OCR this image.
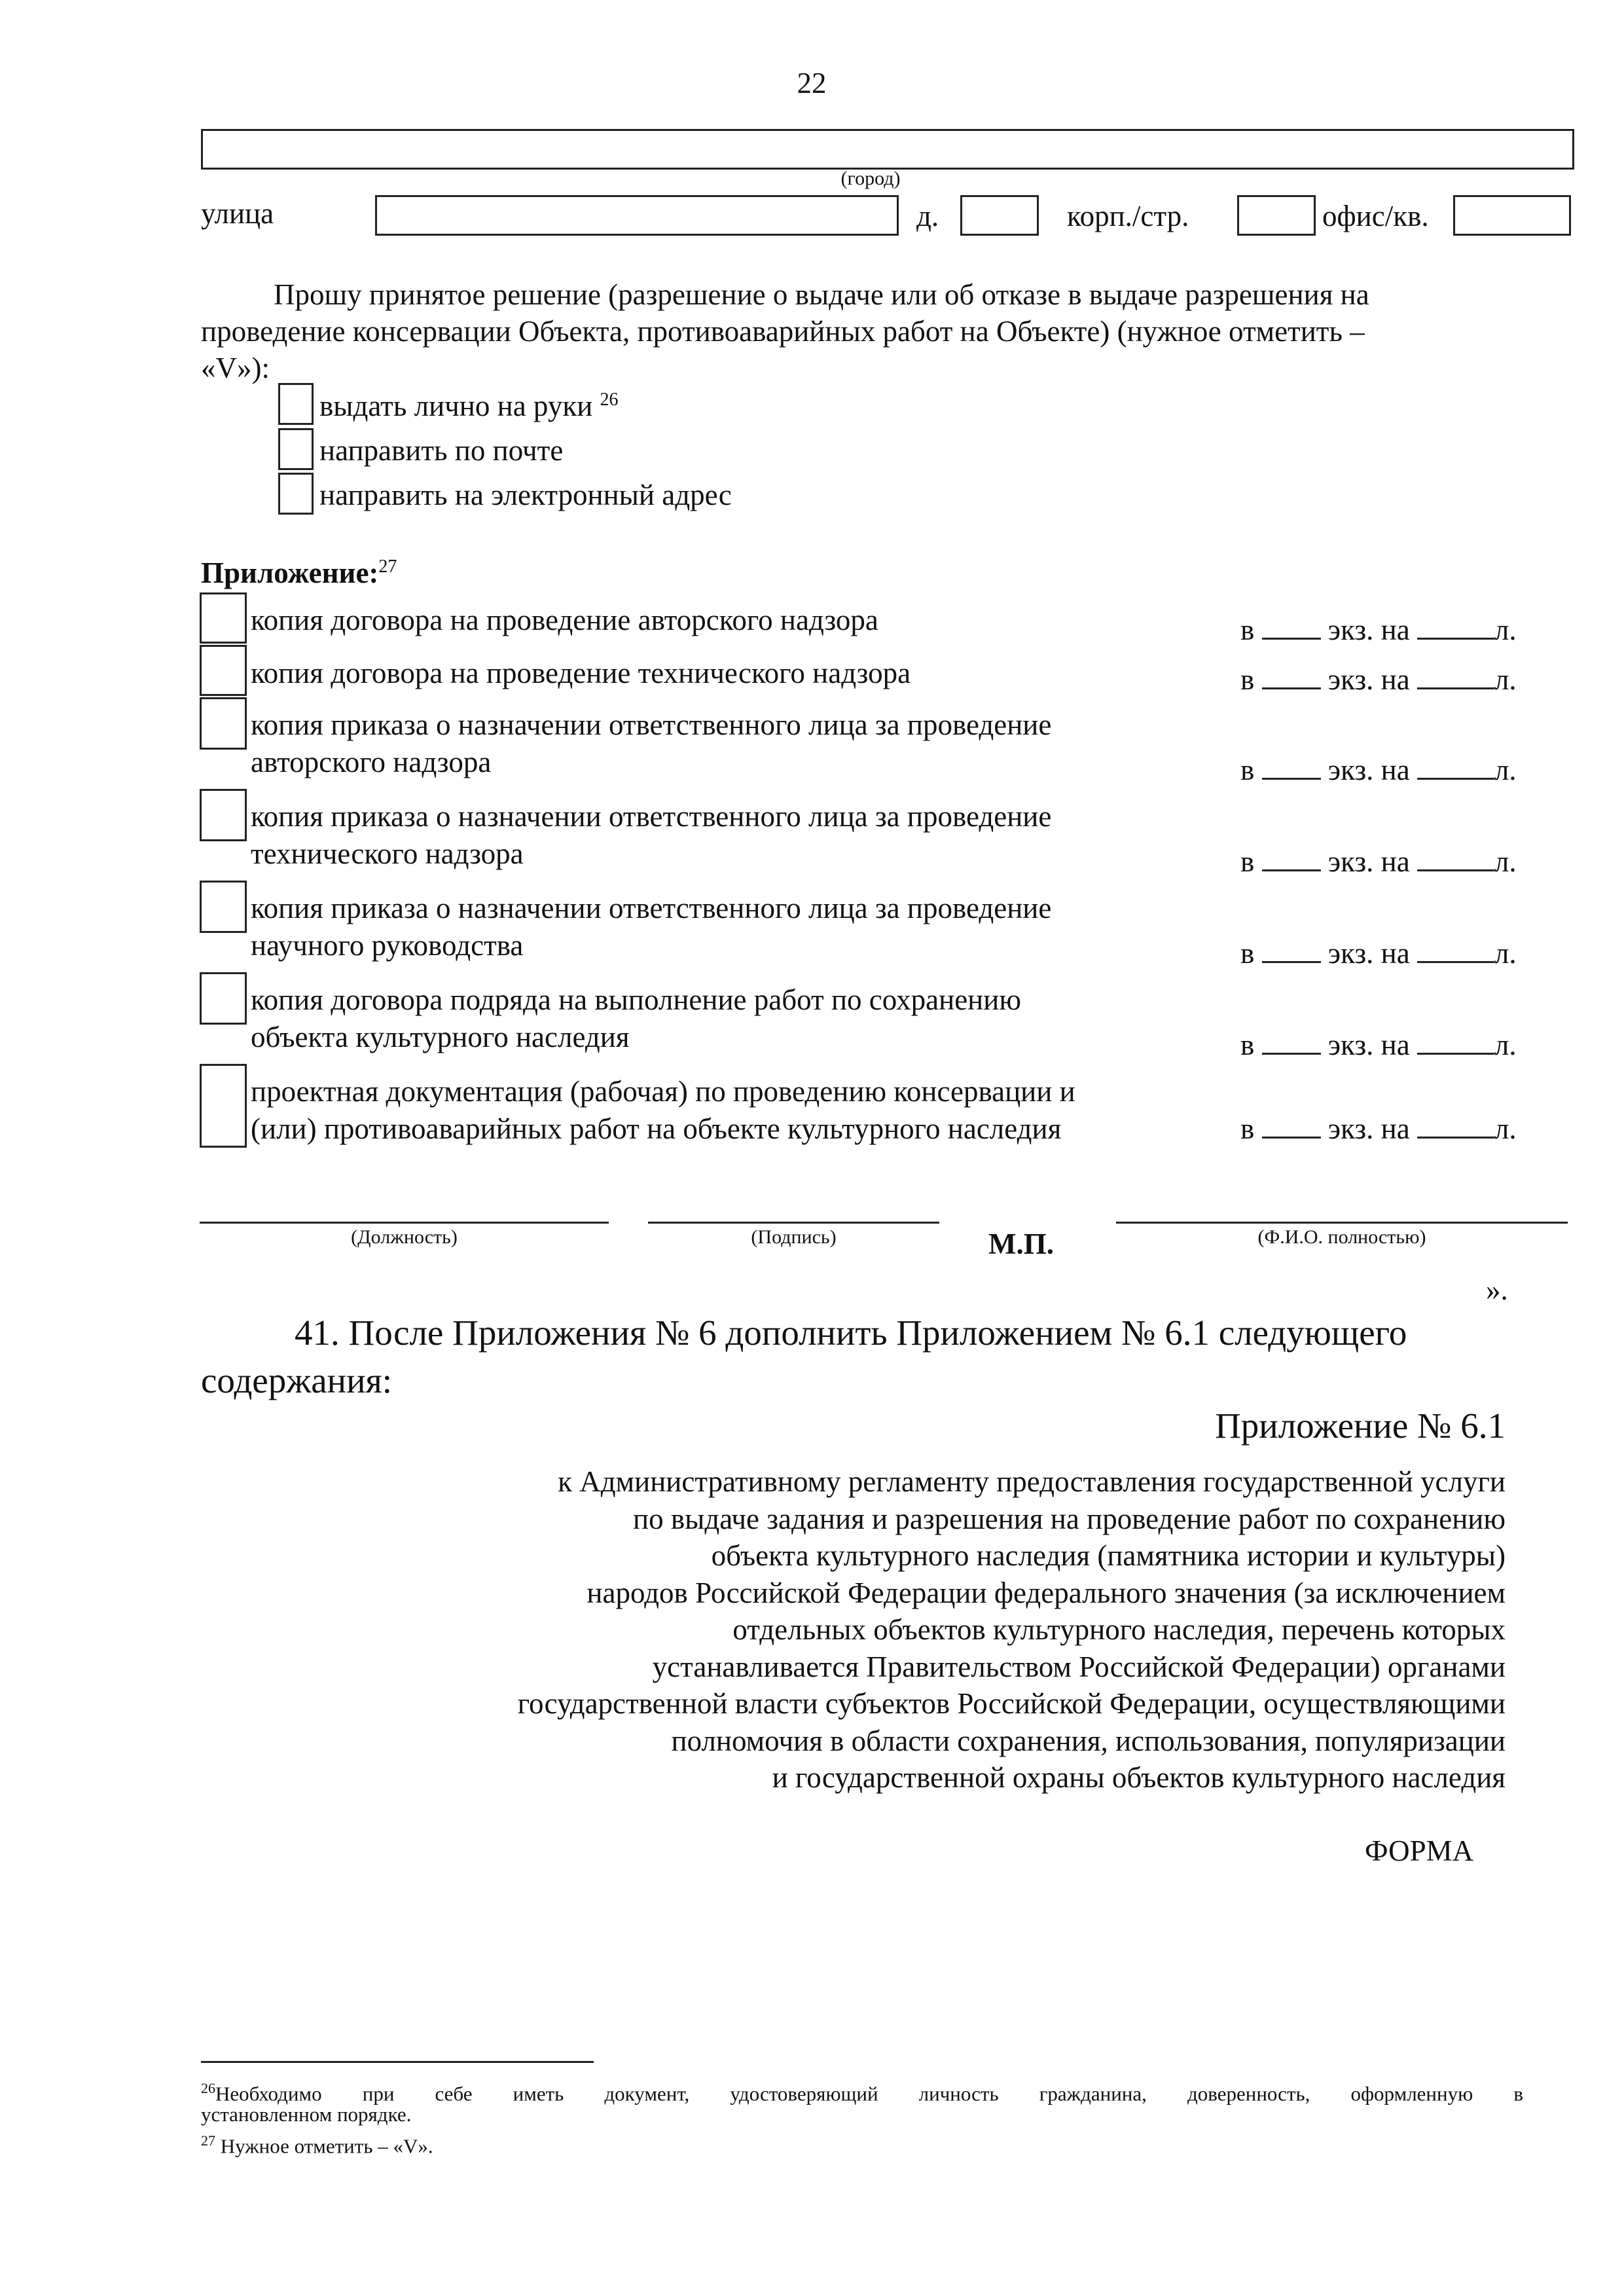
22
(город)
улица	д.	корп./стр.	офис/кв.
Прошу принятое решение (разрешение о выдаче или об отказе в выдаче разрешения на
проведение консервации Объекта, противоаварийных работ на Объекте) (нужное отметить –
«V»):
выдать лично на руки $^{26}$
направить по почте
направить на электронный адрес
Приложение:$^{27}$
копия договора на проведение авторского надзора	в	экз. на	л.
копия договора на проведение технического надзора	в	экз. на	л.
копия приказа о назначении ответственного лица за проведение
авторского надзора	в	экз. на	л.
копия приказа о назначении ответственного лица за проведение
технического надзора	в	экз. на	л.
копия приказа о назначении ответственного лица за проведение
научного руководства	в	экз. на	л.
копия договора подряда на выполнение работ по сохранению
объекта культурного наследия	в	экз. на	л.
проектная документация (рабочая) по проведению консервации и
(или) противоаварийных работ на объекте культурного наследия	в	экз. на	л.
(Должность)	(Подпись)	М.П.	(Ф.И.О. полностью)
».
41. После Приложения № 6 дополнить Приложением № 6.1 следующего
содержания:
Приложение № 6.1
к Административному регламенту предоставления государственной услуги
по выдаче задания и разрешения на проведение работ по сохранению
объекта культурного наследия (памятника истории и культуры)
народов Российской Федерации федерального значения (за исключением
отдельных объектов культурного наследия, перечень которых
устанавливается Правительством Российской Федерации) органами
государственной власти субъектов Российской Федерации, осуществляющими
полномочия в области сохранения, использования, популяризации
и государственной охраны объектов культурного наследия
ФОРМА
$^{26}$Необходимо при себе иметь документ, удостоверяющий личность гражданина, доверенность, оформленную в
установленном порядке.
$^{27}$ Нужное отметить – «V».
